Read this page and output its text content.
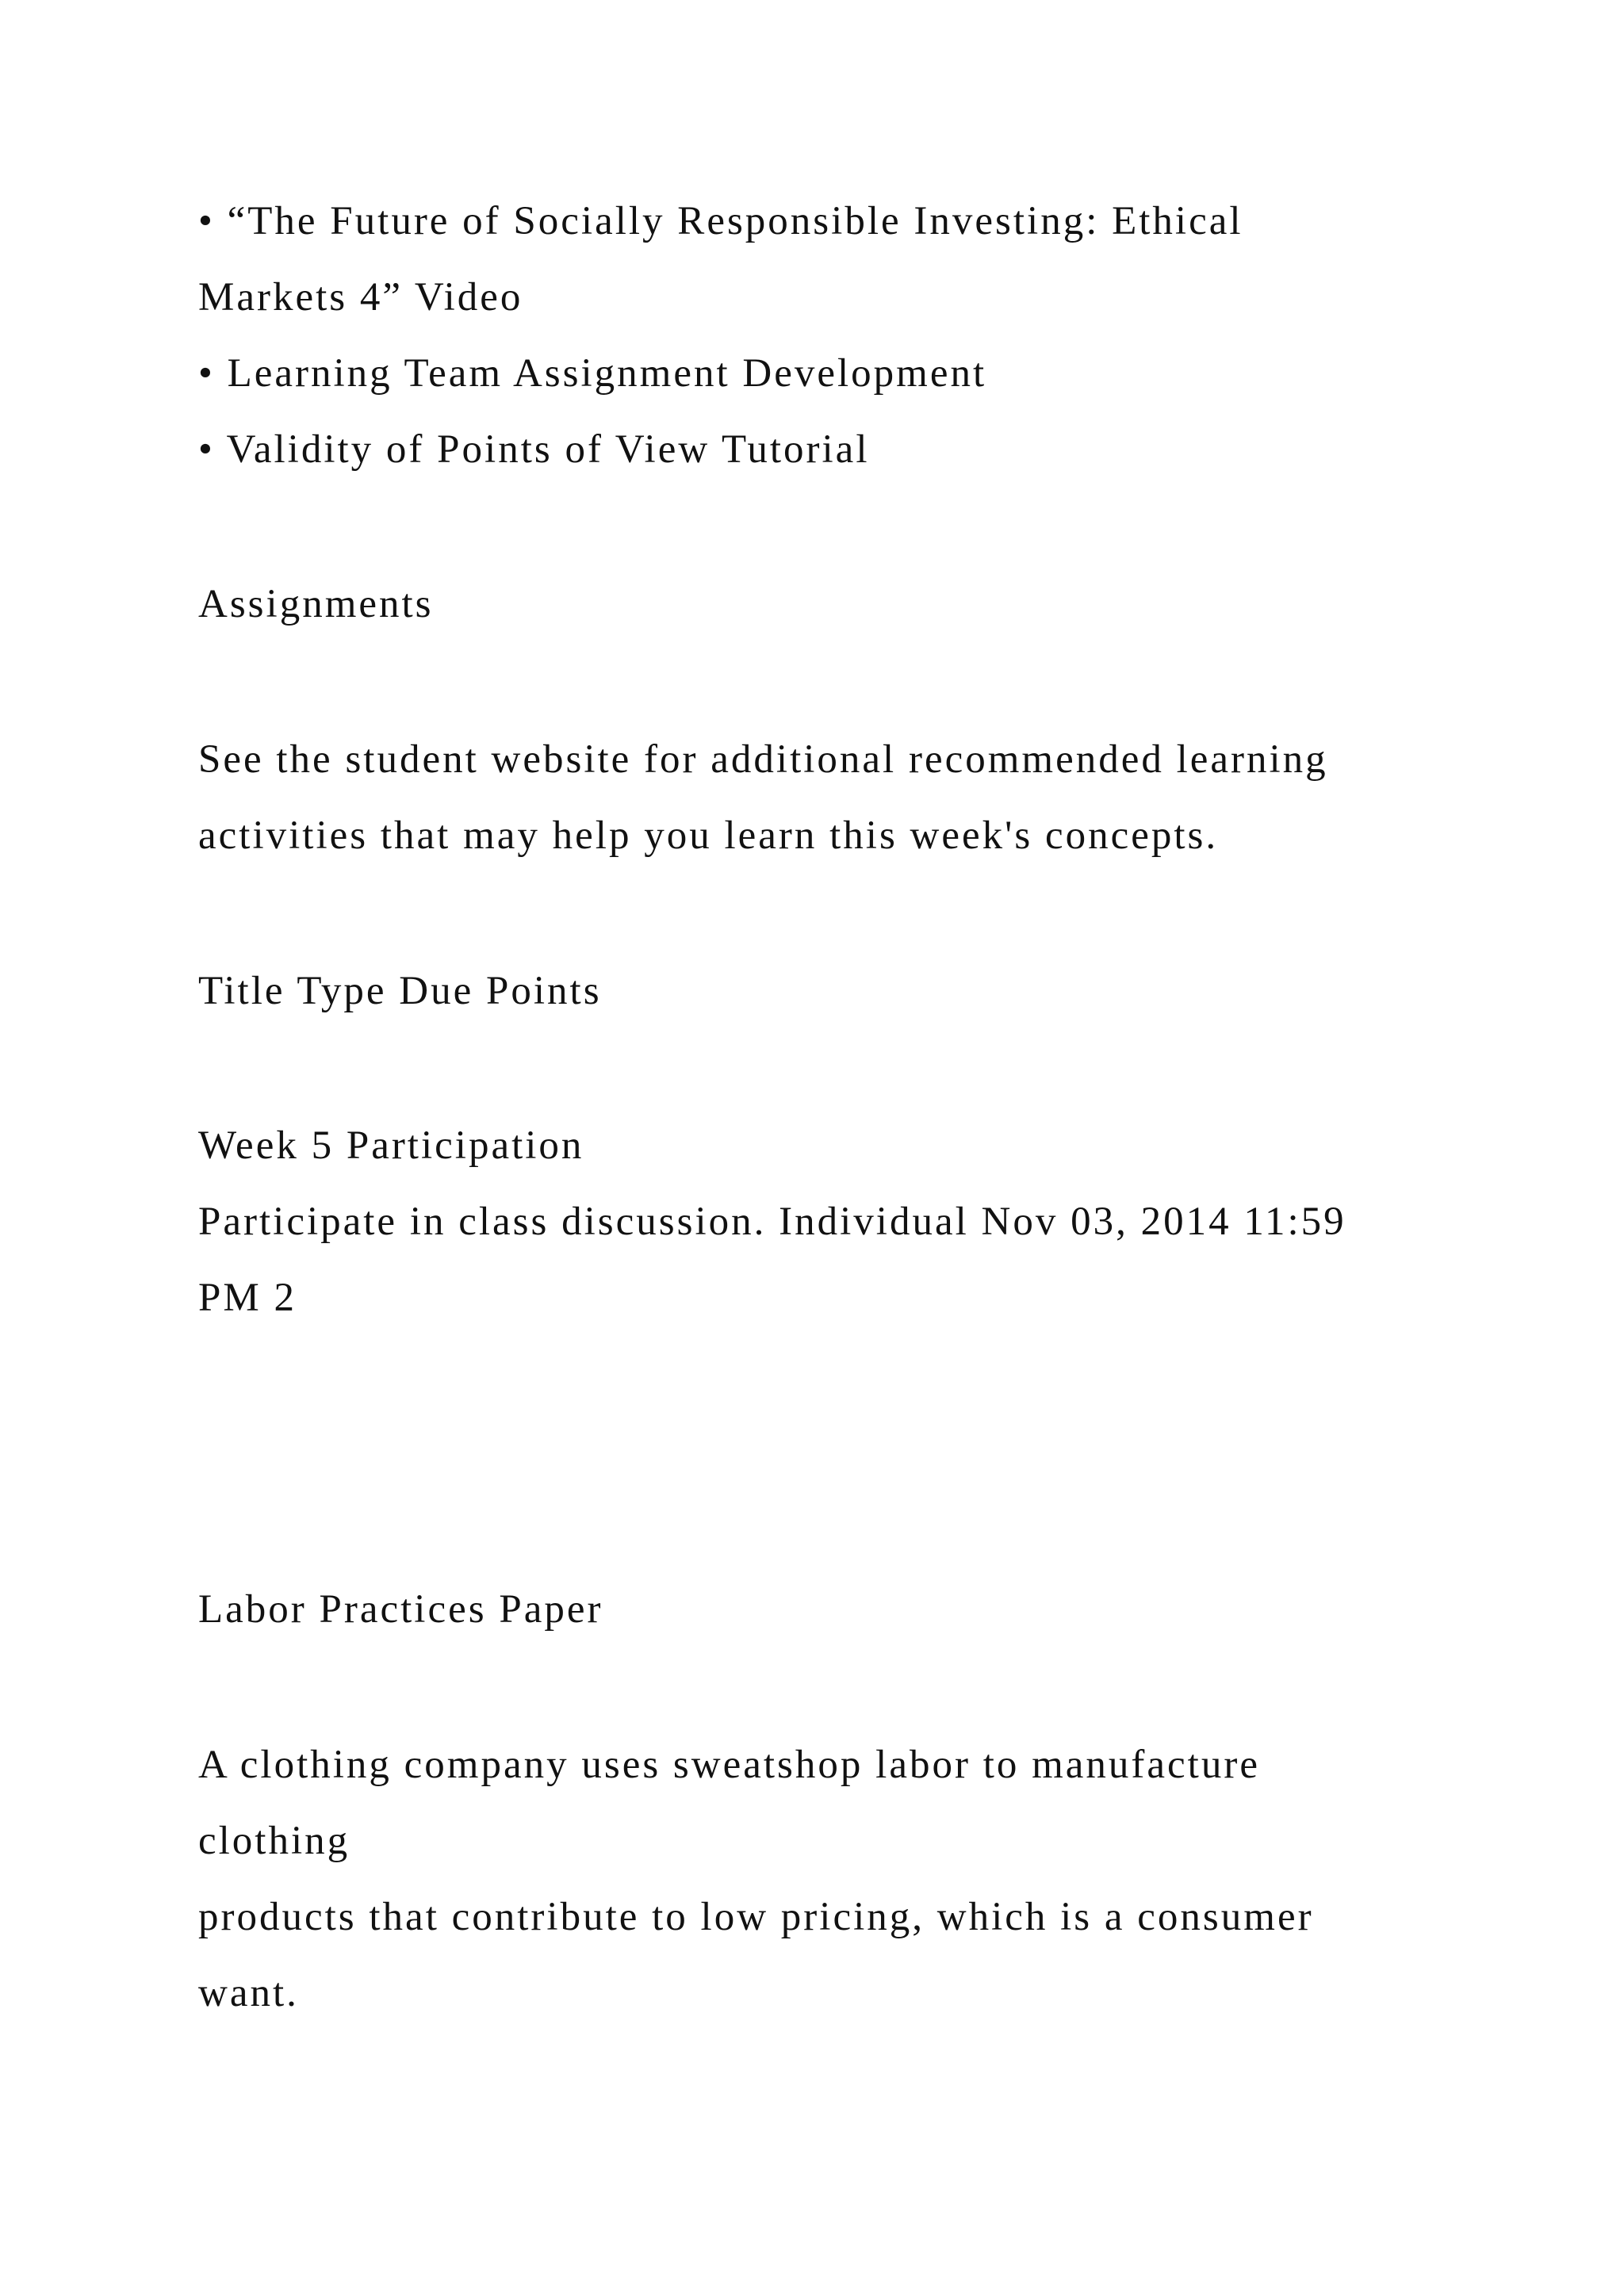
• “The Future of Socially Responsible Investing: Ethical

Markets 4” Video

• Learning Team Assignment Development

• Validity of Points of View Tutorial

Assignments

See the student website for additional recommended learning

activities that may help you learn this week's concepts.

Title Type Due Points

Week 5 Participation

Participate in class discussion. Individual Nov 03, 2014 11:59

PM 2

Labor Practices Paper

A clothing company uses sweatshop labor to manufacture

clothing

products that contribute to low pricing, which is a consumer

want.
